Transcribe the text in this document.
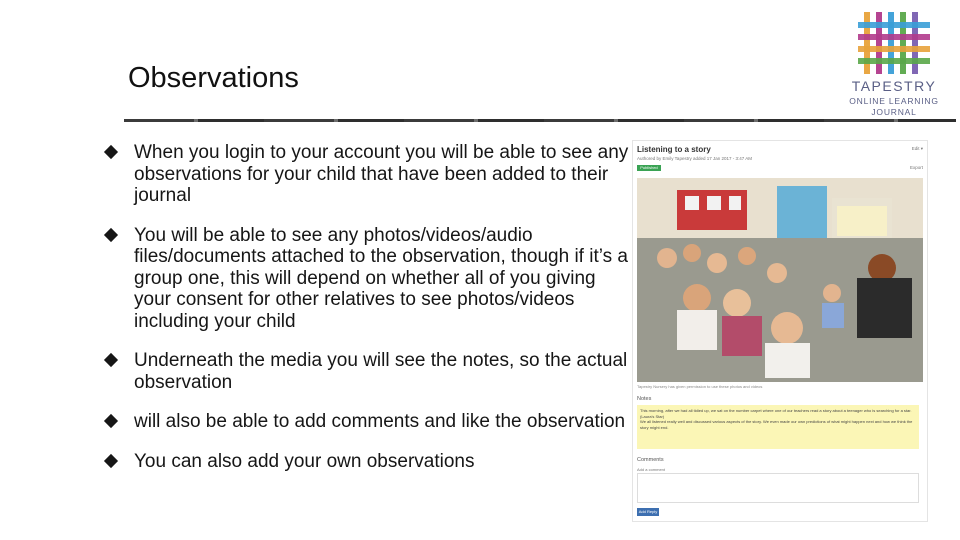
Observations
When you login to your account you will be able to see any observations for your child that have been added to their journal
You will be able to see any photos/videos/audio files/documents attached to the observation, though if it’s a group one, this will depend on whether all of you giving your consent for other relatives to see photos/videos including your child
Underneath the media you will see the notes, so the actual observation
will also be able to add comments and like the observation
You can also add your own observations
TAPESTRY
ONLINE LEARNING
JOURNAL
Listening to a story
Authored by Emily Tapestry added 17 Jan 2017 - 3:47 AM
Published
Edit ▾
Export
Tapestry Nursery has given permission to use these photos and videos
Notes
This morning, after we had all tidied up, we sat on the number carpet where one of our teachers read a story about a teenager who is searching for a star. (Laura's Star)
We all listened really well and discussed various aspects of the story. We even made our own predictions of what might happen next and how we think the story might end.
Comments
Add a comment
Add Reply
